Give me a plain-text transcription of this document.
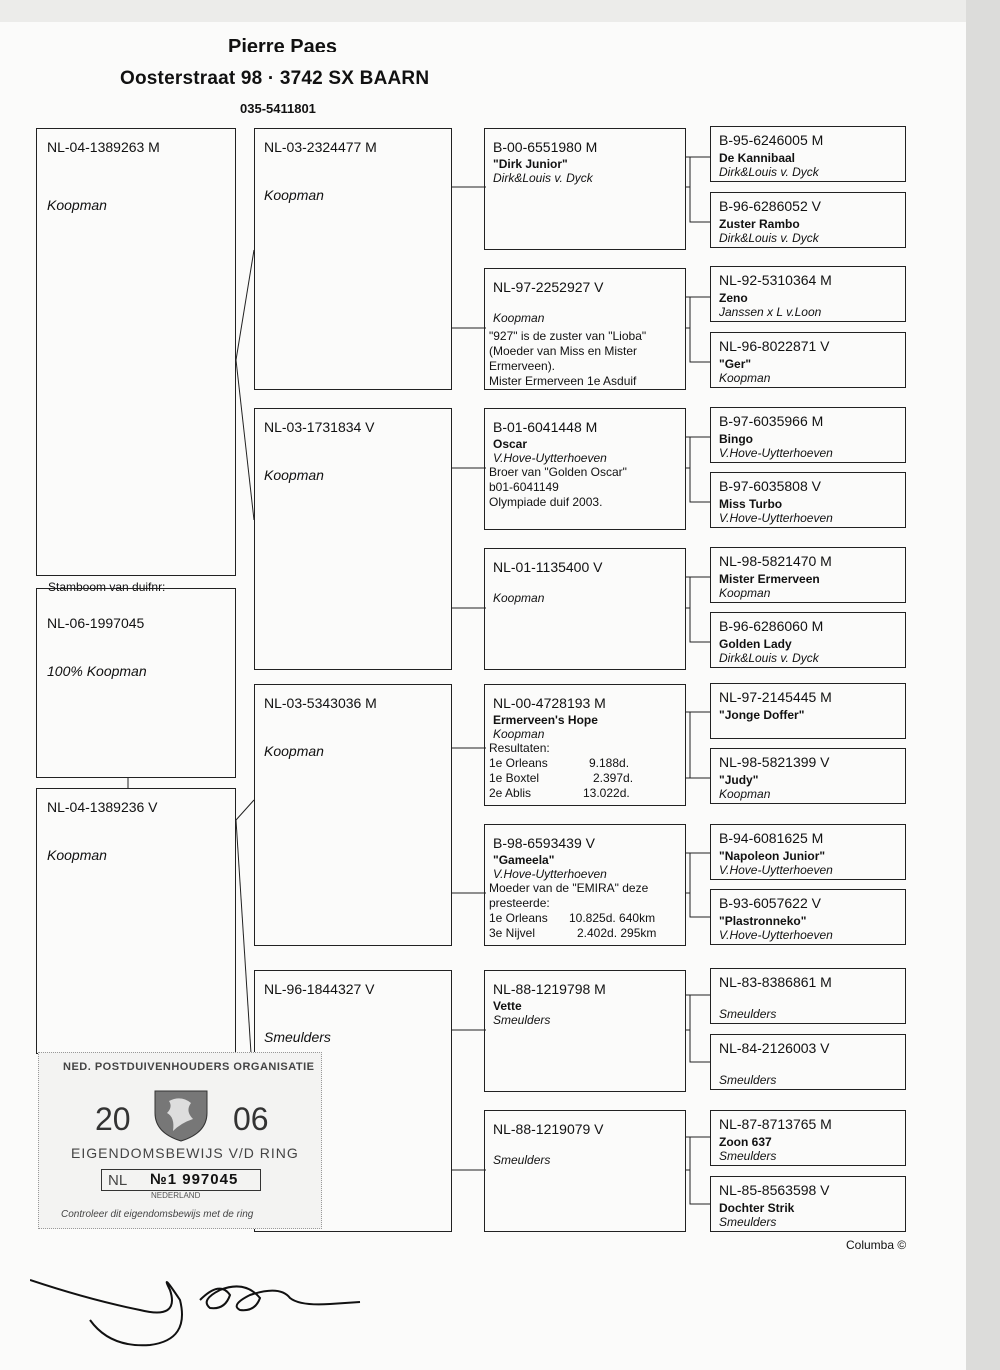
Pierre Paes
Oosterstraat 98 · 3742 SX BAARN
035-5411801
NL-04-1389263 M
Koopman
Stamboom van duifnr:
NL-06-1997045
100% Koopman
NL-04-1389236 V
Koopman
NL-03-2324477 M
Koopman
NL-03-1731834 V
Koopman
NL-03-5343036 M
Koopman
NL-96-1844327 V
Smeulders
B-00-6551980 M
"Dirk Junior"
Dirk&Louis v. Dyck
NL-97-2252927 V
Koopman
"927" is de zuster van "Lioba"
(Moeder van Miss en Mister
Ermerveen).
Mister Ermerveen 1e Asduif
B-01-6041448 M
Oscar
V.Hove-Uytterhoeven
Broer van "Golden Oscar"
b01-6041149
Olympiade duif 2003.
NL-01-1135400 V
Koopman
NL-00-4728193 M
Ermerveen's Hope
Koopman
Resultaten:
1e Orleans	9.188d.
1e Boxtel	2.397d.
2e Ablis	13.022d.
B-98-6593439 V
"Gameela"
V.Hove-Uytterhoeven
Moeder van de "EMIRA" deze
presteerde:
1e Orleans 10.825d. 640km
3e Nijvel	2.402d. 295km
NL-88-1219798 M
Vette
Smeulders
NL-88-1219079 V
Smeulders
B-95-6246005 M
De Kannibaal
Dirk&Louis v. Dyck
B-96-6286052 V
Zuster Rambo
Dirk&Louis v. Dyck
NL-92-5310364 M
Zeno
Janssen x L v.Loon
NL-96-8022871 V
"Ger"
Koopman
B-97-6035966 M
Bingo
V.Hove-Uytterhoeven
B-97-6035808 V
Miss Turbo
V.Hove-Uytterhoeven
NL-98-5821470 M
Mister Ermerveen
Koopman
B-96-6286060 M
Golden Lady
Dirk&Louis v. Dyck
NL-97-2145445 M
"Jonge Doffer"
NL-98-5821399 V
"Judy"
Koopman
B-94-6081625 M
"Napoleon Junior"
V.Hove-Uytterhoeven
B-93-6057622 V
"Plastronneko"
V.Hove-Uytterhoeven
NL-83-8386861 M
Smeulders
NL-84-2126003 V
Smeulders
NL-87-8713765 M
Zoon 637
Smeulders
NL-85-8563598 V
Dochter Strik
Smeulders
NED. POSTDUIVENHOUDERS ORGANISATIE
20	06
EIGENDOMSBEWIJS V/D RING
NL №1 997045
NEDERLAND
Controleer dit eigendomsbewijs met de ring
Columba ©
